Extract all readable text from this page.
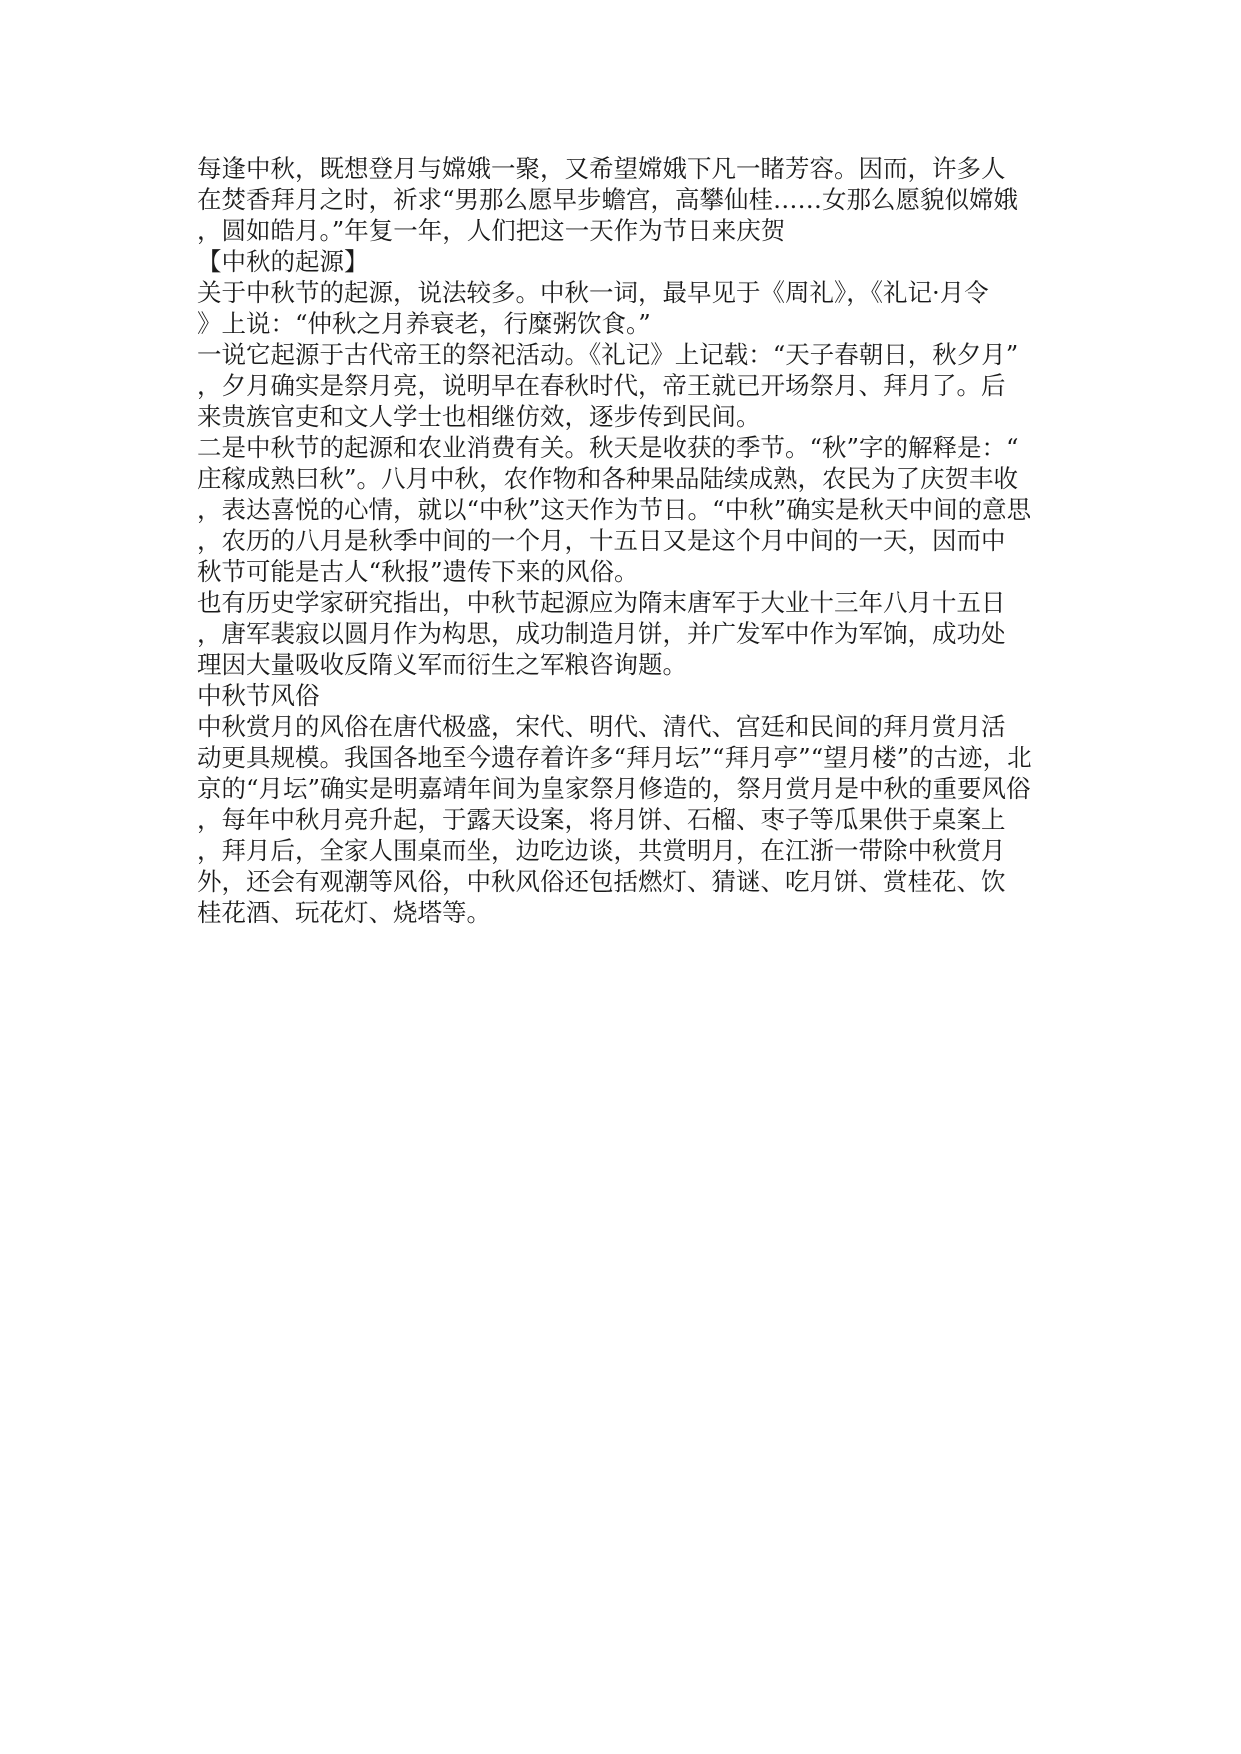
每逢中秋，既想登月与嫦娥一聚，又希望嫦娥下凡一睹芳容。因而，许多人
在焚香拜月之时，祈求“男那么愿早步蟾宫，高攀仙桂……女那么愿貌似嫦娥
，圆如皓月。”年复一年，人们把这一天作为节日来庆贺
【中秋的起源】
关于中秋节的起源，说法较多。中秋一词，最早见于《周礼》，《礼记·月令
》上说：“仲秋之月养衰老，行糜粥饮食。”
一说它起源于古代帝王的祭祀活动。《礼记》上记载：“天子春朝日，秋夕月”
，夕月确实是祭月亮，说明早在春秋时代，帝王就已开场祭月、拜月了。后
来贵族官吏和文人学士也相继仿效，逐步传到民间。
二是中秋节的起源和农业消费有关。秋天是收获的季节。“秋”字的解释是：“
庄稼成熟曰秋”。八月中秋，农作物和各种果品陆续成熟，农民为了庆贺丰收
，表达喜悦的心情，就以“中秋”这天作为节日。“中秋”确实是秋天中间的意思
，农历的八月是秋季中间的一个月，十五日又是这个月中间的一天，因而中
秋节可能是古人“秋报”遗传下来的风俗。
也有历史学家研究指出，中秋节起源应为隋末唐军于大业十三年八月十五日
，唐军裴寂以圆月作为构思，成功制造月饼，并广发军中作为军饷，成功处
理因大量吸收反隋义军而衍生之军粮咨询题。
中秋节风俗
中秋赏月的风俗在唐代极盛，宋代、明代、清代、宫廷和民间的拜月赏月活
动更具规模。我国各地至今遗存着许多“拜月坛”“拜月亭”“望月楼”的古迹，北
京的“月坛”确实是明嘉靖年间为皇家祭月修造的，祭月赏月是中秋的重要风俗
，每年中秋月亮升起，于露天设案，将月饼、石榴、枣子等瓜果供于桌案上
，拜月后，全家人围桌而坐，边吃边谈，共赏明月，在江浙一带除中秋赏月
外，还会有观潮等风俗，中秋风俗还包括燃灯、猜谜、吃月饼、赏桂花、饮
桂花酒、玩花灯、烧塔等。
